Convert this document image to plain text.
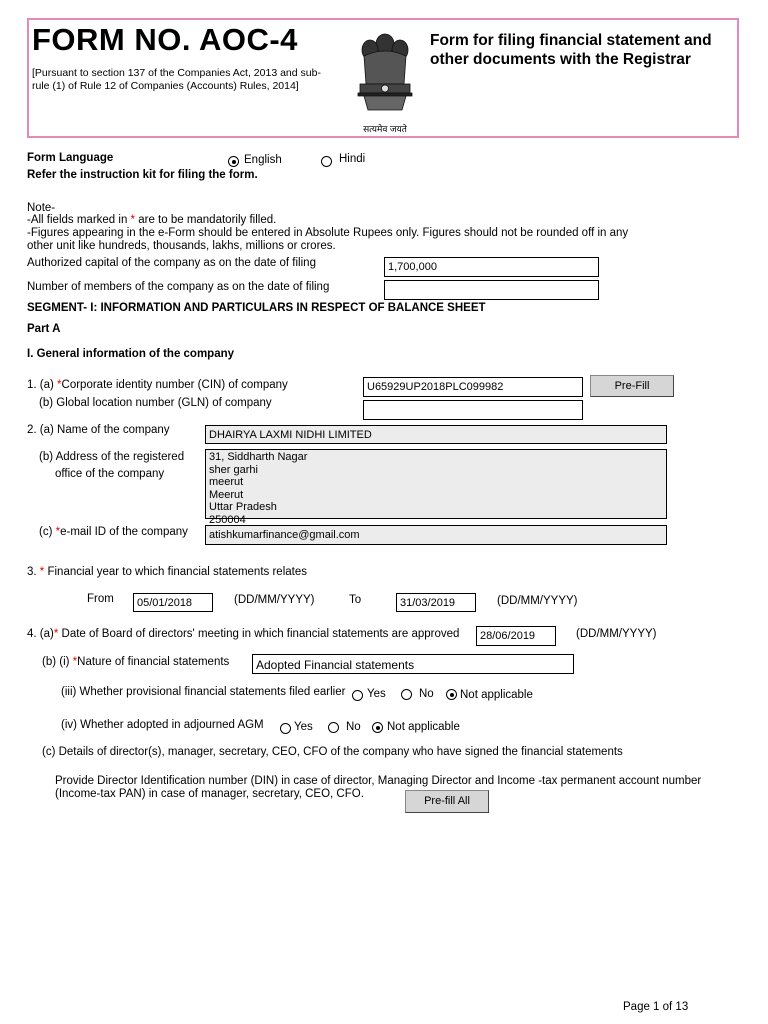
FORM NO. AOC-4
[Pursuant to section 137 of the Companies Act, 2013 and sub-rule (1) of Rule 12 of Companies (Accounts) Rules, 2014]
सत्यमेव जयते
Form for filing financial statement and other documents with the Registrar
Form Language	English	Hindi
Refer the instruction kit for filing the form.
Note-
-All fields marked in * are to be mandatorily filled.
-Figures appearing in the e-Form should be entered in Absolute Rupees only. Figures should not be rounded off in any other unit like hundreds, thousands, lakhs, millions or crores.
Authorized capital of the company as on the date of filing	1,700,000
Number of members of the company as on the date of filing
SEGMENT- I: INFORMATION AND PARTICULARS IN RESPECT OF BALANCE SHEET
Part A
I. General information of the company
1. (a) *Corporate identity number (CIN) of company	U65929UP2018PLC099982	Pre-Fill
(b) Global location number (GLN) of company
2. (a) Name of the company	DHAIRYA LAXMI NIDHI LIMITED
(b) Address of the registered
office of the company
31, Siddharth Nagar
sher garhi
meerut
Meerut
Uttar Pradesh
250004
(c) *e-mail ID of the company	atishkumarfinance@gmail.com
3. * Financial year to which financial statements relates
From	05/01/2018	(DD/MM/YYYY)	To	31/03/2019	(DD/MM/YYYY)
4. (a)* Date of Board of directors' meeting in which financial statements are approved	28/06/2019	(DD/MM/YYYY)
(b) (i) *Nature of financial statements	Adopted Financial statements
(iii) Whether provisional financial statements filed earlier Yes	No Not applicable
(iv) Whether adopted in adjourned AGM	Yes	No Not applicable
(c) Details of director(s), manager, secretary, CEO, CFO of the company who have signed the financial statements
Provide Director Identification number (DIN) in case of director, Managing Director and Income -tax permanent account number
(Income-tax PAN) in case of manager, secretary, CEO, CFO.
Pre-fill All
Page 1 of 13
